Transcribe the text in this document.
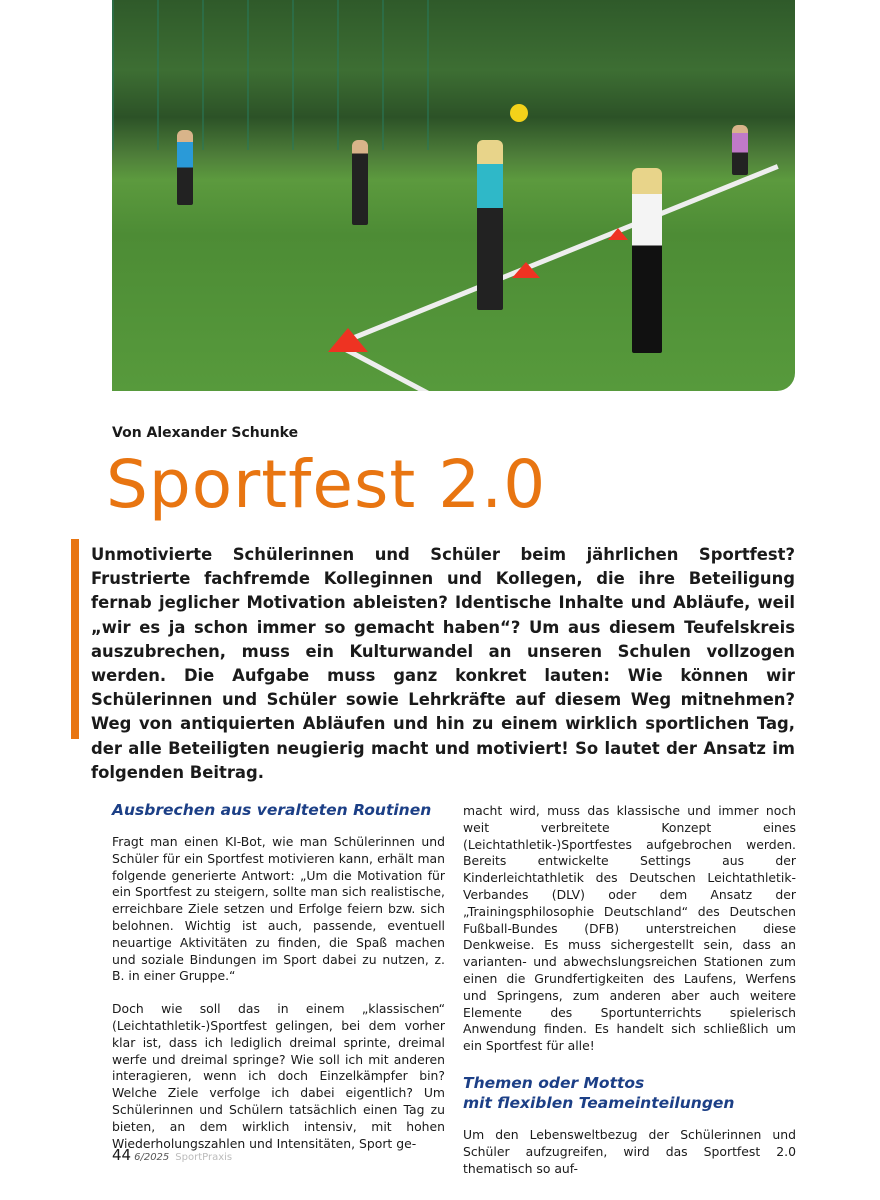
Von Alexander Schunke
Sportfest 2.0
Unmotivierte Schülerinnen und Schüler beim jährlichen Sportfest? Frustrierte fachfremde Kolleginnen und Kollegen, die ihre Beteiligung fernab jeglicher Motivation ableisten? Identische Inhalte und Abläufe, weil „wir es ja schon immer so gemacht haben“? Um aus diesem Teufelskreis auszubrechen, muss ein Kulturwandel an unseren Schulen vollzogen werden. Die Aufgabe muss ganz konkret lauten: Wie können wir Schülerinnen und Schüler sowie Lehrkräfte auf diesem Weg mitnehmen? Weg von antiquierten Abläufen und hin zu einem wirklich sportlichen Tag, der alle Beteiligten neugierig macht und motiviert! So lautet der Ansatz im folgenden Beitrag.
Ausbrechen aus veralteten Routinen

Fragt man einen KI-Bot, wie man Schülerinnen und Schüler für ein Sportfest motivieren kann, erhält man folgende generierte Antwort: „Um die Motivation für ein Sportfest zu steigern, sollte man sich realistische, erreichbare Ziele setzen und Erfolge feiern bzw. sich belohnen. Wichtig ist auch, passende, eventuell neuartige Aktivitäten zu finden, die Spaß machen und soziale Bindungen im Sport dabei zu nutzen, z. B. in einer Gruppe.“

Doch wie soll das in einem „klassischen“ (Leichtathletik-)Sportfest gelingen, bei dem vorher klar ist, dass ich lediglich dreimal sprinte, dreimal werfe und dreimal springe? Wie soll ich mit anderen interagieren, wenn ich doch Einzelkämpfer bin? Welche Ziele verfolge ich dabei eigentlich? Um Schülerinnen und Schülern tatsächlich einen Tag zu bieten, an dem wirklich intensiv, mit hohen Wiederholungszahlen und Intensitäten, Sport ge-

macht wird, muss das klassische und immer noch weit verbreitete Konzept eines (Leichtathletik-)Sportfestes aufgebrochen werden. Bereits entwickelte Settings aus der Kinderleichtathletik des Deutschen Leichtathletik-Verbandes (DLV) oder dem Ansatz der „Trainingsphilosophie Deutschland“ des Deutschen Fußball-Bundes (DFB) unterstreichen diese Denkweise. Es muss sichergestellt sein, dass an varianten- und abwechslungsreichen Stationen zum einen die Grundfertigkeiten des Laufens, Werfens und Springens, zum anderen aber auch weitere Elemente des Sportunterrichts spielerisch Anwendung finden. Es handelt sich schließlich um ein Sportfest für alle!

Themen oder Mottos
mit flexiblen Teameinteilungen

Um den Lebensweltbezug der Schülerinnen und Schüler aufzugreifen, wird das Sportfest 2.0 thematisch so auf-

44 6/2025 SportPraxis
